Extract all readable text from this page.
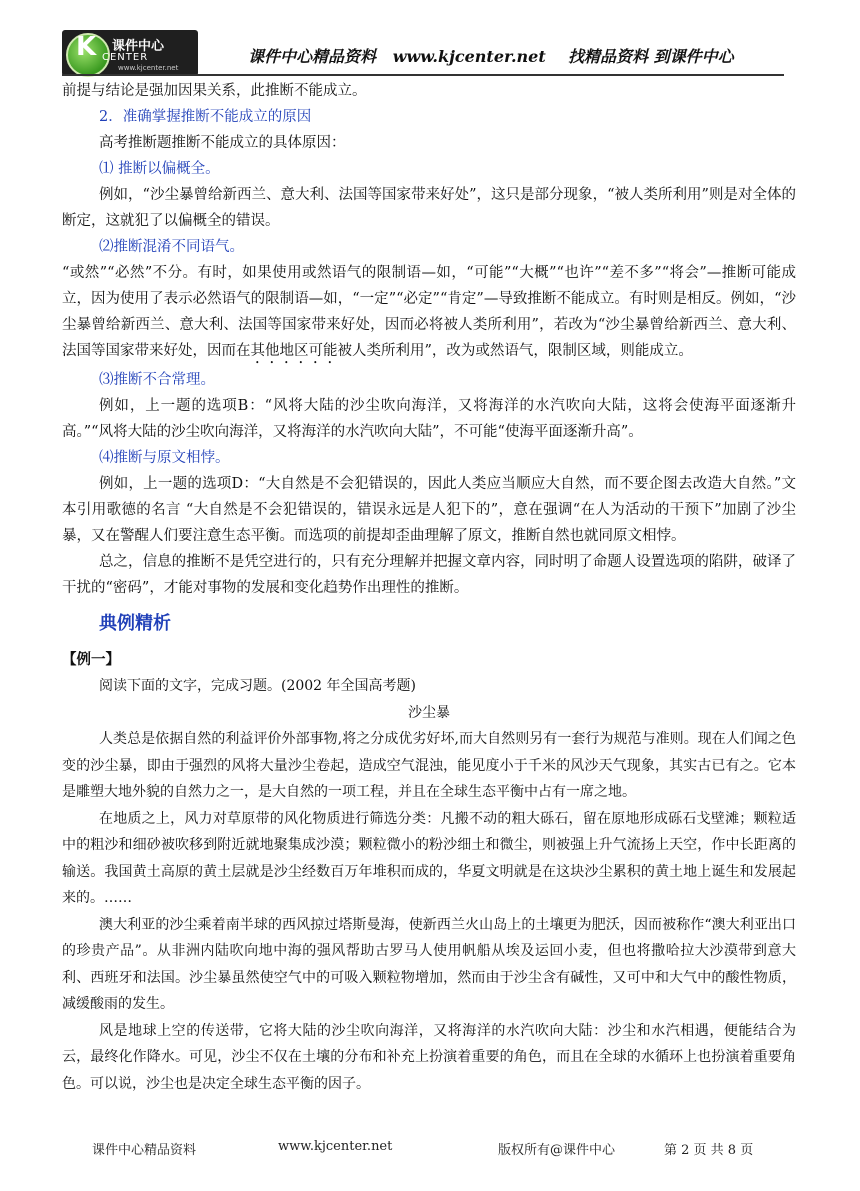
K 课件中心
CENTER
www.kjcenter.net
课件中心精品资料   www.kjcenter.net    找精品资料 到课件中心

前提与结论是强加因果关系，此推断不能成立。

2．准确掌握推断不能成立的原因

高考推断题推断不能成立的具体原因：

⑴ 推断以偏概全。

例如，“沙尘暴曾给新西兰、意大利、法国等国家带来好处”，这只是部分现象，“被人类所利用”则是对全体的断定，这就犯了以偏概全的错误。

⑵推断混淆不同语气。

“或然”“必然”不分。有时，如果使用或然语气的限制语—如，“可能”“大概”“也许”“差不多”“将会”—推断可能成立，因为使用了表示必然语气的限制语—如，“一定”“必定”“肯定”—导致推断不能成立。有时则是相反。例如，“沙尘暴曾给新西兰、意大利、法国等国家带来好处，因而必将被人类所利用”，若改为“沙尘暴曾给新西兰、意大利、法国等国家带来好处，因而在其他地区可能被人类所利用”，改为或然语气，限制区域，则能成立。

⑶推断不合常理。

例如，上一题的选项B：“风将大陆的沙尘吹向海洋，又将海洋的水汽吹向大陆，这将会使海平面逐渐升高。”“风将大陆的沙尘吹向海洋，又将海洋的水汽吹向大陆”，不可能“使海平面逐渐升高”。

⑷推断与原文相悖。

例如，上一题的选项D：“大自然是不会犯错误的，因此人类应当顺应大自然，而不要企图去改造大自然。”文本引用歌德的名言 “大自然是不会犯错误的，错误永远是人犯下的”，意在强调“在人为活动的干预下”加剧了沙尘暴，又在警醒人们要注意生态平衡。而选项的前提却歪曲理解了原文，推断自然也就同原文相悖。

总之，信息的推断不是凭空进行的，只有充分理解并把握文章内容，同时明了命题人设置选项的陷阱，破译了干扰的“密码”，才能对事物的发展和变化趋势作出理性的推断。

典例精析
【例一】

阅读下面的文字，完成习题。(2002 年全国高考题)

沙尘暴

人类总是依据自然的利益评价外部事物,将之分成优劣好坏,而大自然则另有一套行为规范与准则。现在人们闻之色变的沙尘暴，即由于强烈的风将大量沙尘卷起，造成空气混浊，能见度小于千米的风沙天气现象，其实古已有之。它本是雕塑大地外貌的自然力之一，是大自然的一项工程，并且在全球生态平衡中占有一席之地。

在地质之上，风力对草原带的风化物质进行筛选分类：凡搬不动的粗大砾石，留在原地形成砾石戈壁滩；颗粒适中的粗沙和细砂被吹移到附近就地聚集成沙漠；颗粒微小的粉沙细土和微尘，则被强上升气流扬上天空，作中长距离的输送。我国黄土高原的黄土层就是沙尘经数百万年堆积而成的，华夏文明就是在这块沙尘累积的黄土地上诞生和发展起来的。……

澳大利亚的沙尘乘着南半球的西风掠过塔斯曼海，使新西兰火山岛上的土壤更为肥沃，因而被称作“澳大利亚出口的珍贵产品”。从非洲内陆吹向地中海的强风帮助古罗马人使用帆船从埃及运回小麦，但也将撒哈拉大沙漠带到意大利、西班牙和法国。沙尘暴虽然使空气中的可吸入颗粒物增加，然而由于沙尘含有碱性，又可中和大气中的酸性物质，减缓酸雨的发生。

风是地球上空的传送带，它将大陆的沙尘吹向海洋，又将海洋的水汽吹向大陆：沙尘和水汽相遇，便能结合为云，最终化作降水。可见，沙尘不仅在土壤的分布和补充上扮演着重要的角色，而且在全球的水循环上也扮演着重要角色。可以说，沙尘也是决定全球生态平衡的因子。

课件中心精品资料	www.kjcenter.net	版权所有@课件中心	第 2 页 共 8 页
